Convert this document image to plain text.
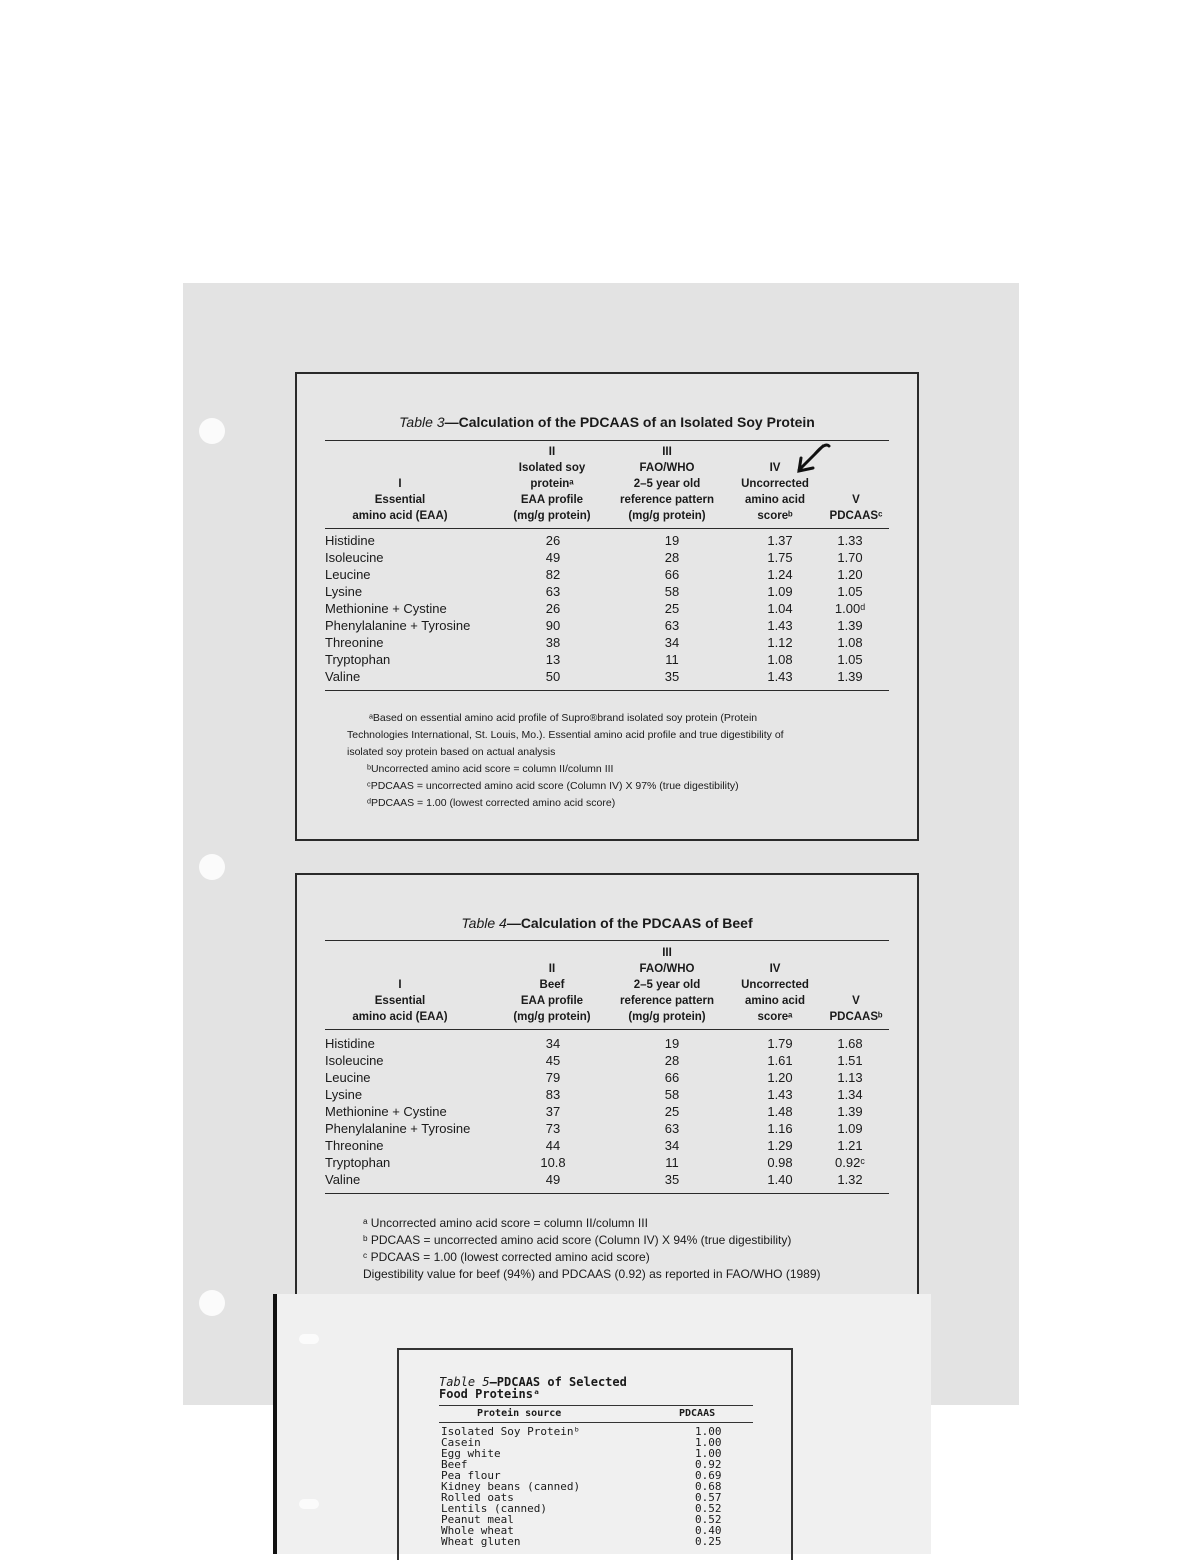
Table 3—Calculation of the PDCAAS of an Isolated Soy Protein
I
Essential
amino acid (EAA)
II
Isolated soy
proteinᵃ
EAA profile
(mg/g protein)
III
FAO/WHO
2–5 year old
reference pattern
(mg/g protein)
IV
Uncorrected
amino acid
scoreᵇ
V
PDCAASᶜ
Histidine	26	19	1.37	1.33
Isoleucine	49	28	1.75	1.70
Leucine	82	66	1.24	1.20
Lysine	63	58	1.09	1.05
Methionine + Cystine	26	25	1.04	1.00ᵈ
Phenylalanine + Tyrosine	90	63	1.43	1.39
Threonine	38	34	1.12	1.08
Tryptophan	13	11	1.08	1.05
Valine	50	35	1.43	1.39
ᵃBased on essential amino acid profile of Supro®brand isolated soy protein (Protein
Technologies International, St. Louis, Mo.). Essential amino acid profile and true digestibility of
isolated soy protein based on actual analysis
ᵇUncorrected amino acid score = column II/column III
ᶜPDCAAS = uncorrected amino acid score (Column IV) X 97% (true digestibility)
ᵈPDCAAS = 1.00 (lowest corrected amino acid score)
Table 4—Calculation of the PDCAAS of Beef
I
Essential
amino acid (EAA)
II
Beef
EAA profile
(mg/g protein)
III
FAO/WHO
2–5 year old
reference pattern
(mg/g protein)
IV
Uncorrected
amino acid
scoreᵃ
V
PDCAASᵇ
Histidine	34	19	1.79	1.68
Isoleucine	45	28	1.61	1.51
Leucine	79	66	1.20	1.13
Lysine	83	58	1.43	1.34
Methionine + Cystine	37	25	1.48	1.39
Phenylalanine + Tyrosine	73	63	1.16	1.09
Threonine	44	34	1.29	1.21
Tryptophan	10.8	11	0.98	0.92ᶜ
Valine	49	35	1.40	1.32
ᵃ Uncorrected amino acid score = column II/column III
ᵇ PDCAAS = uncorrected amino acid score (Column IV) X 94% (true digestibility)
ᶜ PDCAAS = 1.00 (lowest corrected amino acid score)
Digestibility value for beef (94%) and PDCAAS (0.92) as reported in FAO/WHO (1989)
Table 5—PDCAAS of Selected
Food Proteinsᵃ
Protein source	PDCAAS
Isolated Soy Proteinᵇ	1.00
Casein	1.00
Egg white	1.00
Beef	0.92
Pea flour	0.69
Kidney beans (canned)	0.68
Rolled oats	0.57
Lentils (canned)	0.52
Peanut meal	0.52
Whole wheat	0.40
Wheat gluten	0.25
